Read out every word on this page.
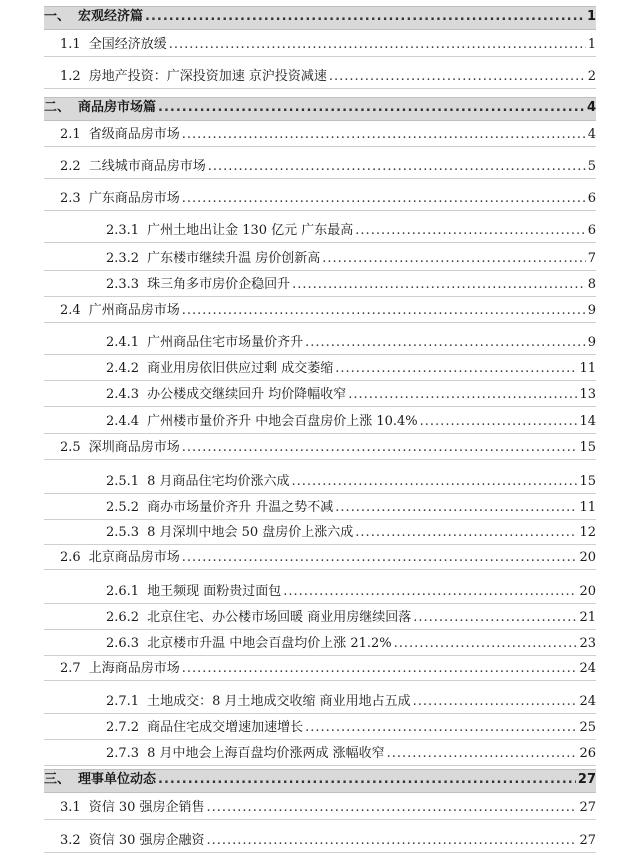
一、 宏观经济篇 .....	1
1.1 全国经济放缓 .....	1
1.2 房地产投资：广深投资加速 京沪投资减速 .....	2
二、 商品房市场篇 .....	4
2.1 省级商品房市场 .....	4
2.2 二线城市商品房市场 .....	5
2.3 广东商品房市场 .....	6
2.3.1 广州土地出让金 130 亿元 广东最高 .....	6
2.3.2 广东楼市继续升温 房价创新高 .....	7
2.3.3 珠三角多市房价企稳回升 .....	8
2.4 广州商品房市场 .....	9
2.4.1 广州商品住宅市场量价齐升 .....	9
2.4.2 商业用房依旧供应过剩 成交萎缩 .....	11
2.4.3 办公楼成交继续回升 均价降幅收窄 .....	13
2.4.4 广州楼市量价齐升 中地会百盘房价上涨 10.4% .....	14
2.5 深圳商品房市场 .....	15
2.5.1 8 月商品住宅均价涨六成 .....	15
2.5.2 商办市场量价齐升 升温之势不减 .....	11
2.5.3 8 月深圳中地会 50 盘房价上涨六成 .....	12
2.6 北京商品房市场 .....	20
2.6.1 地王频现 面粉贵过面包 .....	20
2.6.2 北京住宅、办公楼市场回暖 商业用房继续回落 .....	21
2.6.3 北京楼市升温 中地会百盘均价上涨 21.2% .....	23
2.7 上海商品房市场 .....	24
2.7.1 土地成交：8 月土地成交收缩 商业用地占五成 .....	24
2.7.2 商品住宅成交增速加速增长 .....	25
2.7.3 8 月中地会上海百盘均价涨两成 涨幅收窄 .....	26
三、 理事单位动态 .....	27
3.1 资信 30 强房企销售 .....	27
3.2 资信 30 强房企融资 .....	27
